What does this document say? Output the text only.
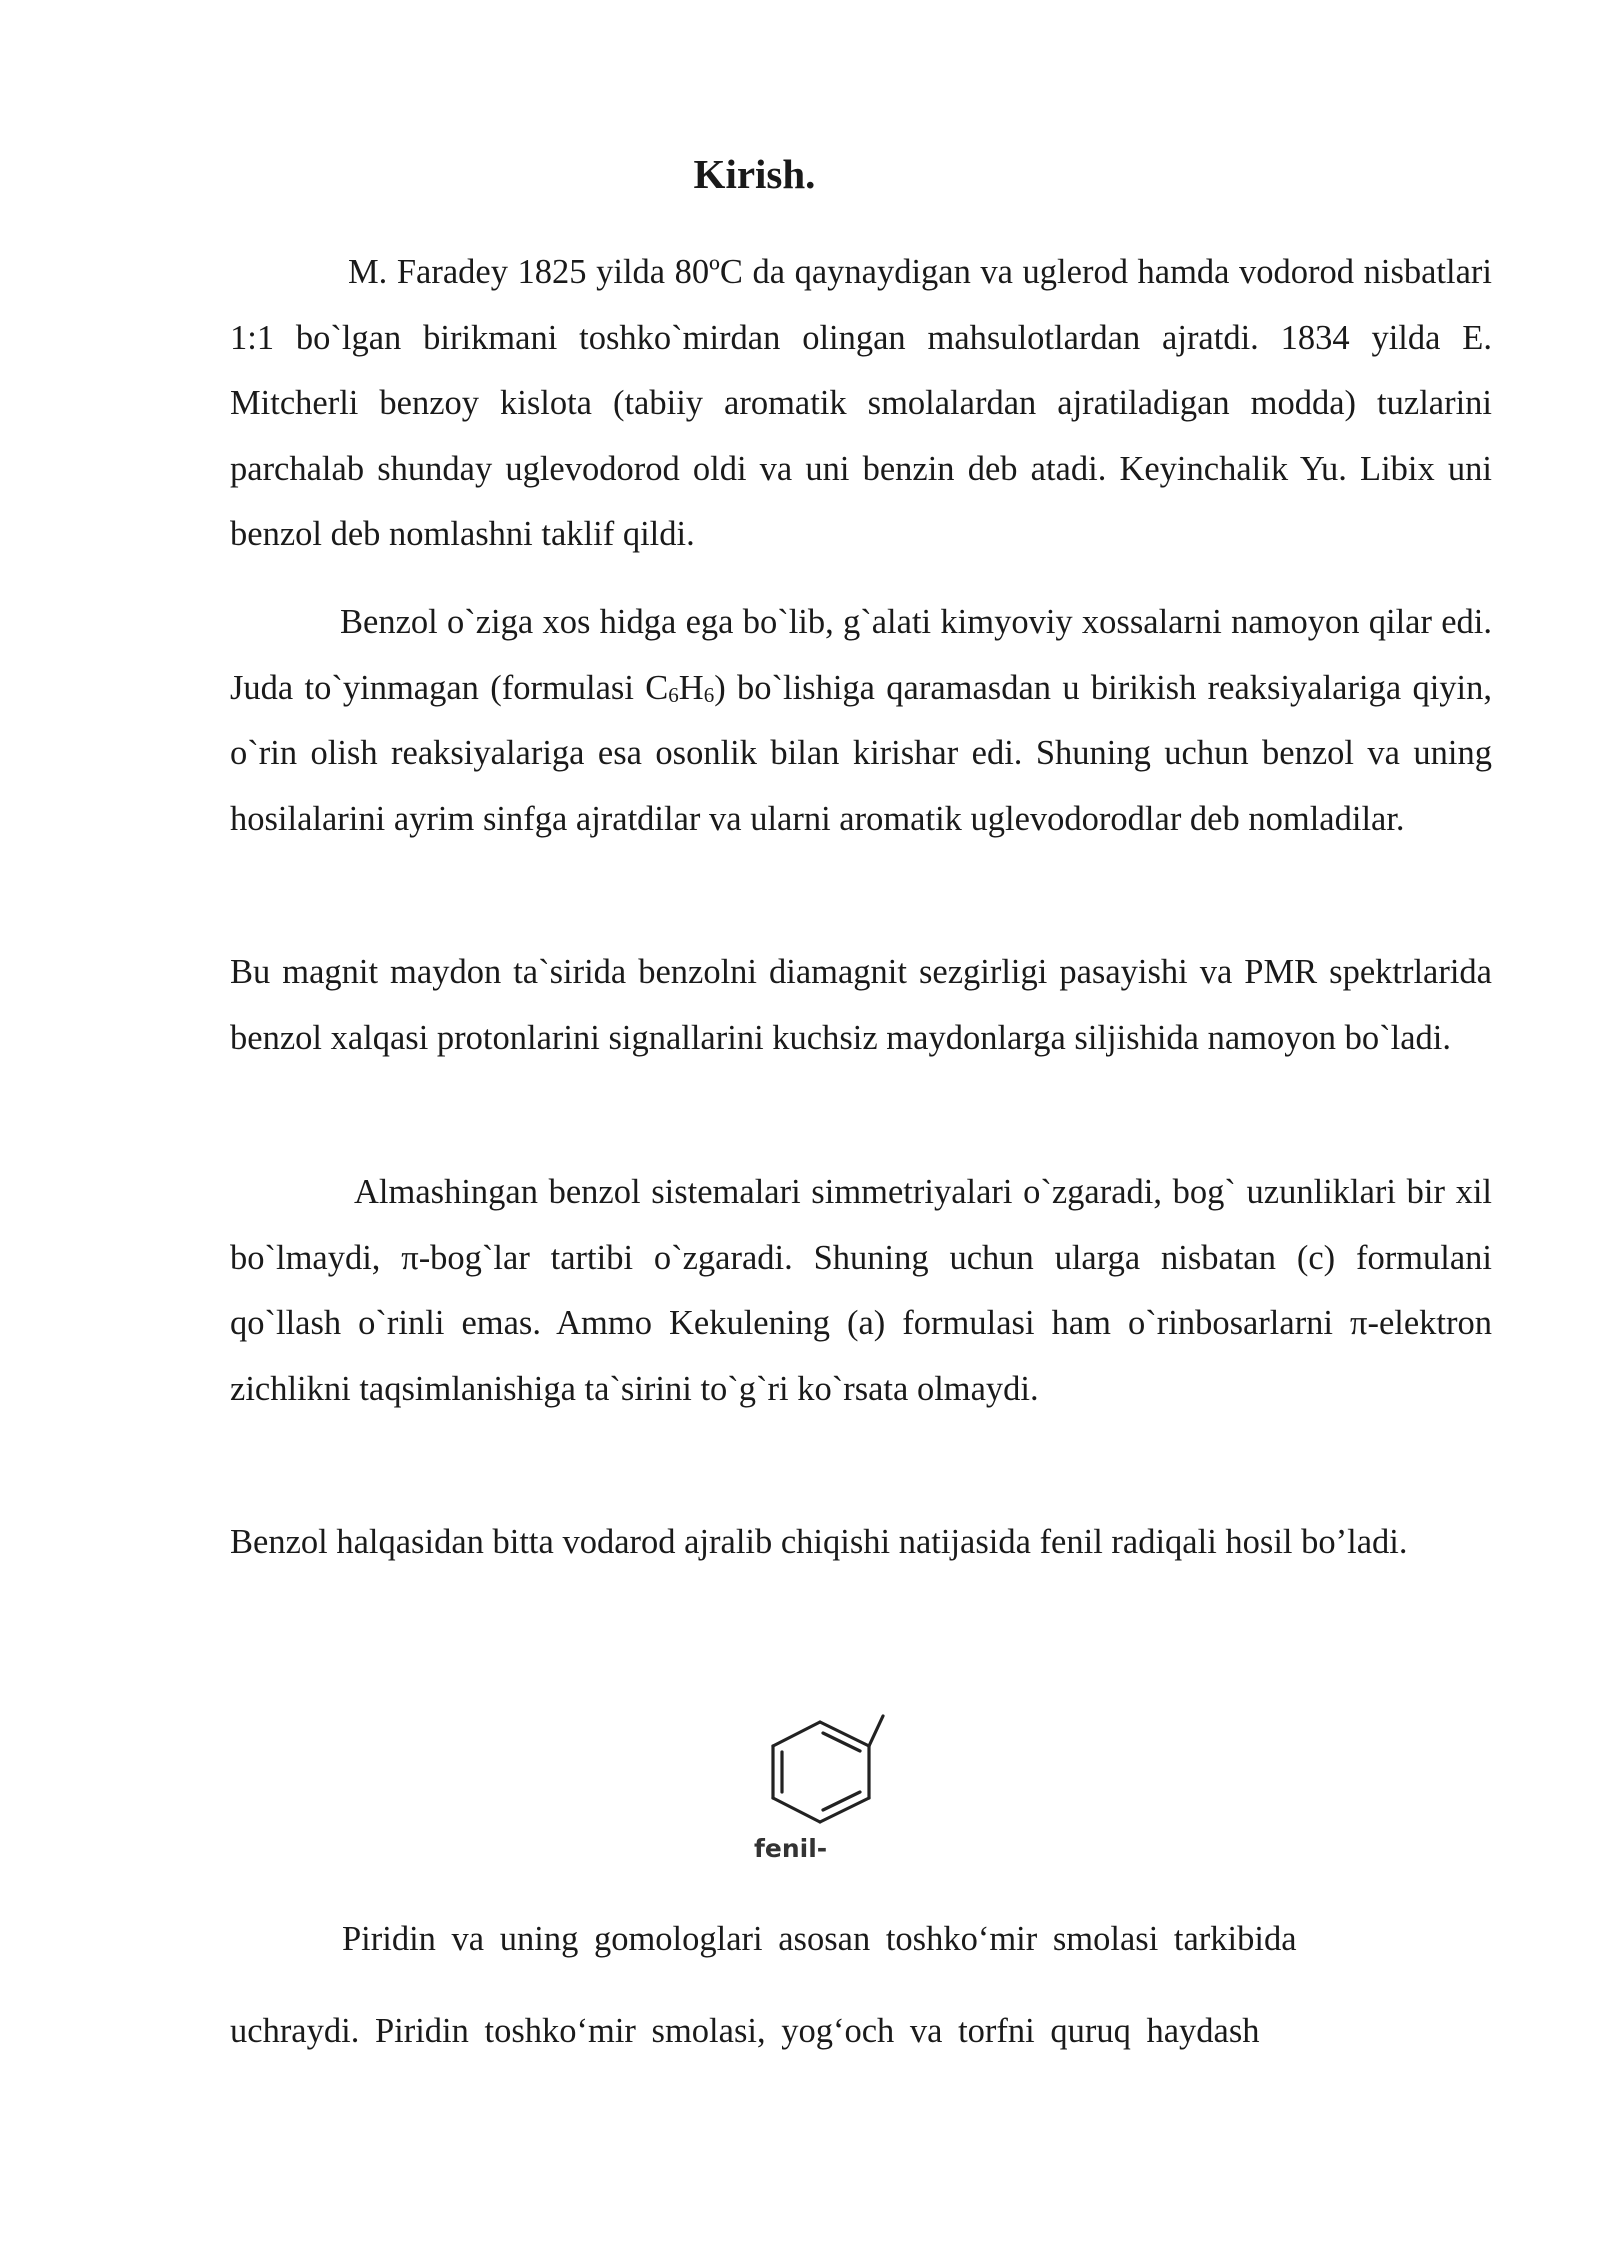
Kirish.

M. Faradey 1825 yilda 80ºC da qaynaydigan va uglerod hamda vodorod nisbatlari 1:1 bo`lgan birikmani toshko`mirdan olingan mahsulotlardan ajratdi. 1834 yilda E. Mitcherli benzoy kislota (tabiiy aromatik smolalardan ajratiladigan modda) tuzlarini parchalab shunday uglevodorod oldi va uni benzin deb atadi. Keyinchalik Yu. Libix uni benzol deb nomlashni taklif qildi.

Benzol o`ziga xos hidga ega bo`lib, g`alati kimyoviy xossalarni namoyon qilar edi. Juda to`yinmagan (formulasi $C_6H_6$) bo`lishiga qaramasdan u birikish reaksiyalariga qiyin, o`rin olish reaksiyalariga esa osonlik bilan kirishar edi. Shuning uchun benzol va uning hosilalarini ayrim sinfga ajratdilar va ularni aromatik uglevodorodlar deb nomladilar.

Bu magnit maydon ta`sirida benzolni diamagnit sezgirligi pasayishi va PMR spektrlarida benzol xalqasi protonlarini signallarini kuchsiz maydonlarga siljishida namoyon bo`ladi.

Almashingan benzol sistemalari simmetriyalari o`zgaradi, bog` uzunliklari bir xil bo`lmaydi, π-bog`lar tartibi o`zgaradi. Shuning uchun ularga nisbatan (c) formulani qo`llash o`rinli emas. Ammo Kekulening (a) formulasi ham o`rinbosarlarni π-elektron zichlikni taqsimlanishiga ta`sirini to`g`ri ko`rsata olmaydi.

Benzol halqasidan bitta vodarod ajralib chiqishi natijasida fenil radiqali hosil bo’ladi.

fenil-
Piridin va uning gomologlari asosan toshko‘mir smolasi tarkibida
uchraydi. Piridin toshko‘mir smolasi, yog‘och va torfni quruq haydash
